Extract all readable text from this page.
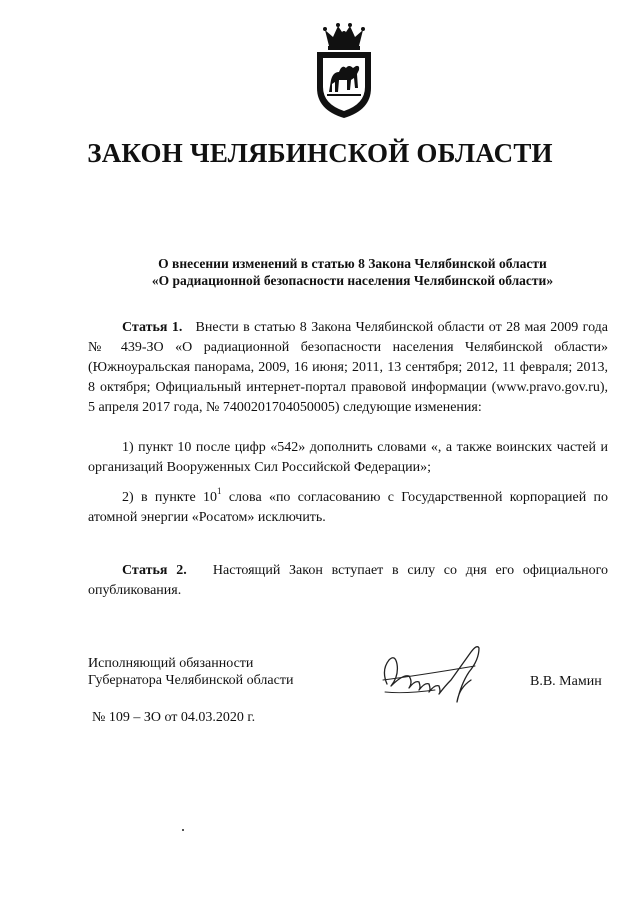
ЗАКОН ЧЕЛЯБИНСКОЙ ОБЛАСТИ
О внесении изменений в статью 8 Закона Челябинской области
«О радиационной безопасности населения Челябинской области»

Статья 1. Внести в статью 8 Закона Челябинской области от 28 мая 2009 года № 439-ЗО «О радиационной безопасности населения Челябинской области» (Южноуральская панорама, 2009, 16 июня; 2011, 13 сентября; 2012, 11 февраля; 2013, 8 октября; Официальный интернет-портал правовой информации (www.pravo.gov.ru), 5 апреля 2017 года, № 7400201704050005) следующие изменения:

1) пункт 10 после цифр «542» дополнить словами «, а также воинских частей и организаций Вооруженных Сил Российской Федерации»;

2) в пункте $10^1$ слова «по согласованию с Государственной корпорацией по атомной энергии «Росатом» исключить.

Статья 2. Настоящий Закон вступает в силу со дня его официального опубликования.

Исполняющий обязанности
Губернатора Челябинской области	В.В. Мамин
№ 109 – ЗО от 04.03.2020 г.
